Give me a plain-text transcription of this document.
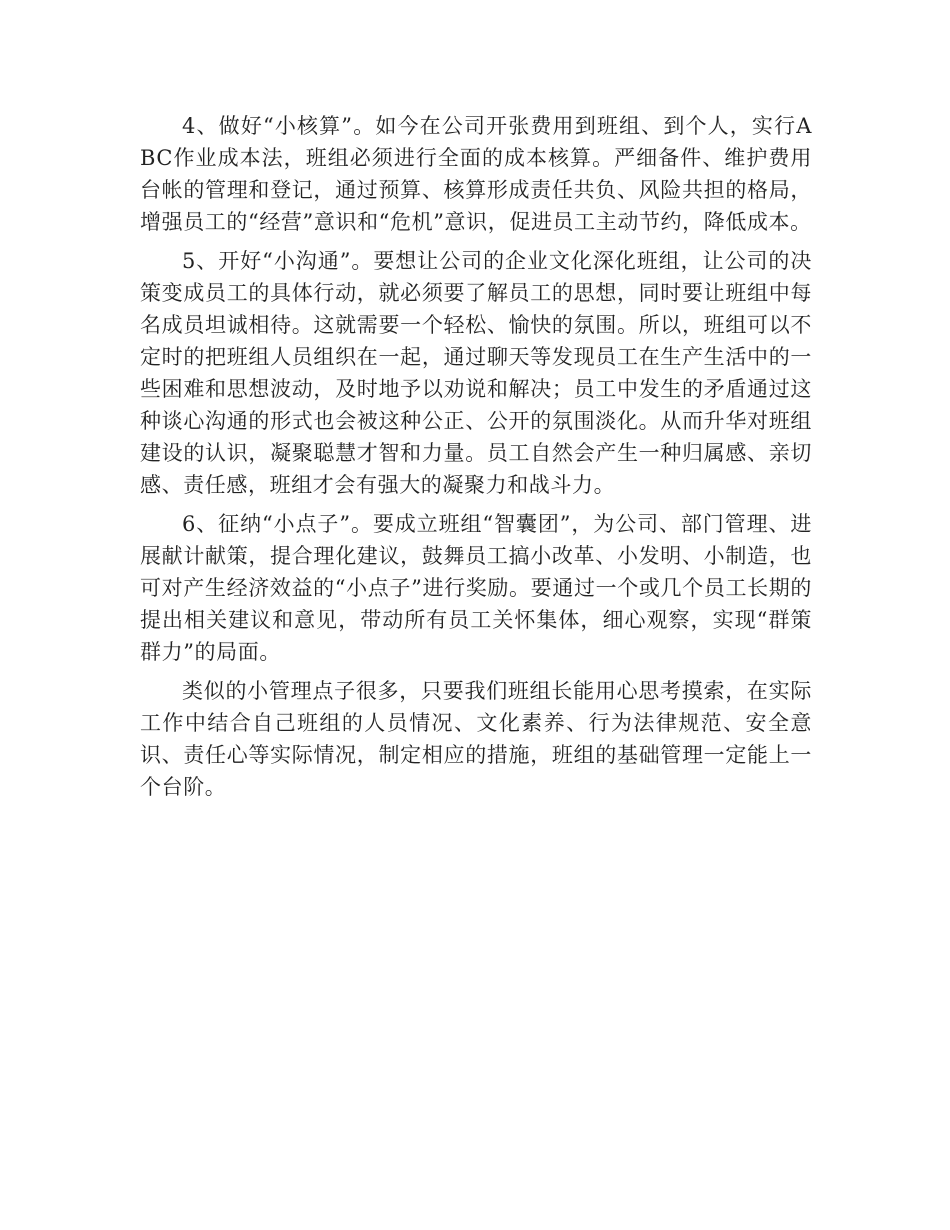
4、做好“小核算”。如今在公司开张费用到班组、到个人，实行ABC作业成本法，班组必须进行全面的成本核算。严细备件、维护费用台帐的管理和登记，通过预算、核算形成责任共负、风险共担的格局，增强员工的“经营”意识和“危机”意识，促进员工主动节约，降低成本。

5、开好“小沟通”。要想让公司的企业文化深化班组，让公司的决策变成员工的具体行动，就必须要了解员工的思想，同时要让班组中每名成员坦诚相待。这就需要一个轻松、愉快的氛围。所以，班组可以不定时的把班组人员组织在一起，通过聊天等发现员工在生产生活中的一些困难和思想波动，及时地予以劝说和解决；员工中发生的矛盾通过这种谈心沟通的形式也会被这种公正、公开的氛围淡化。从而升华对班组建设的认识，凝聚聪慧才智和力量。员工自然会产生一种归属感、亲切感、责任感，班组才会有强大的凝聚力和战斗力。

6、征纳“小点子”。要成立班组“智囊团”，为公司、部门管理、进展献计献策，提合理化建议，鼓舞员工搞小改革、小发明、小制造，也可对产生经济效益的“小点子”进行奖励。要通过一个或几个员工长期的提出相关建议和意见，带动所有员工关怀集体，细心观察，实现“群策群力”的局面。

类似的小管理点子很多，只要我们班组长能用心思考摸索，在实际工作中结合自己班组的人员情况、文化素养、行为法律规范、安全意识、责任心等实际情况，制定相应的措施，班组的基础管理一定能上一个台阶。
